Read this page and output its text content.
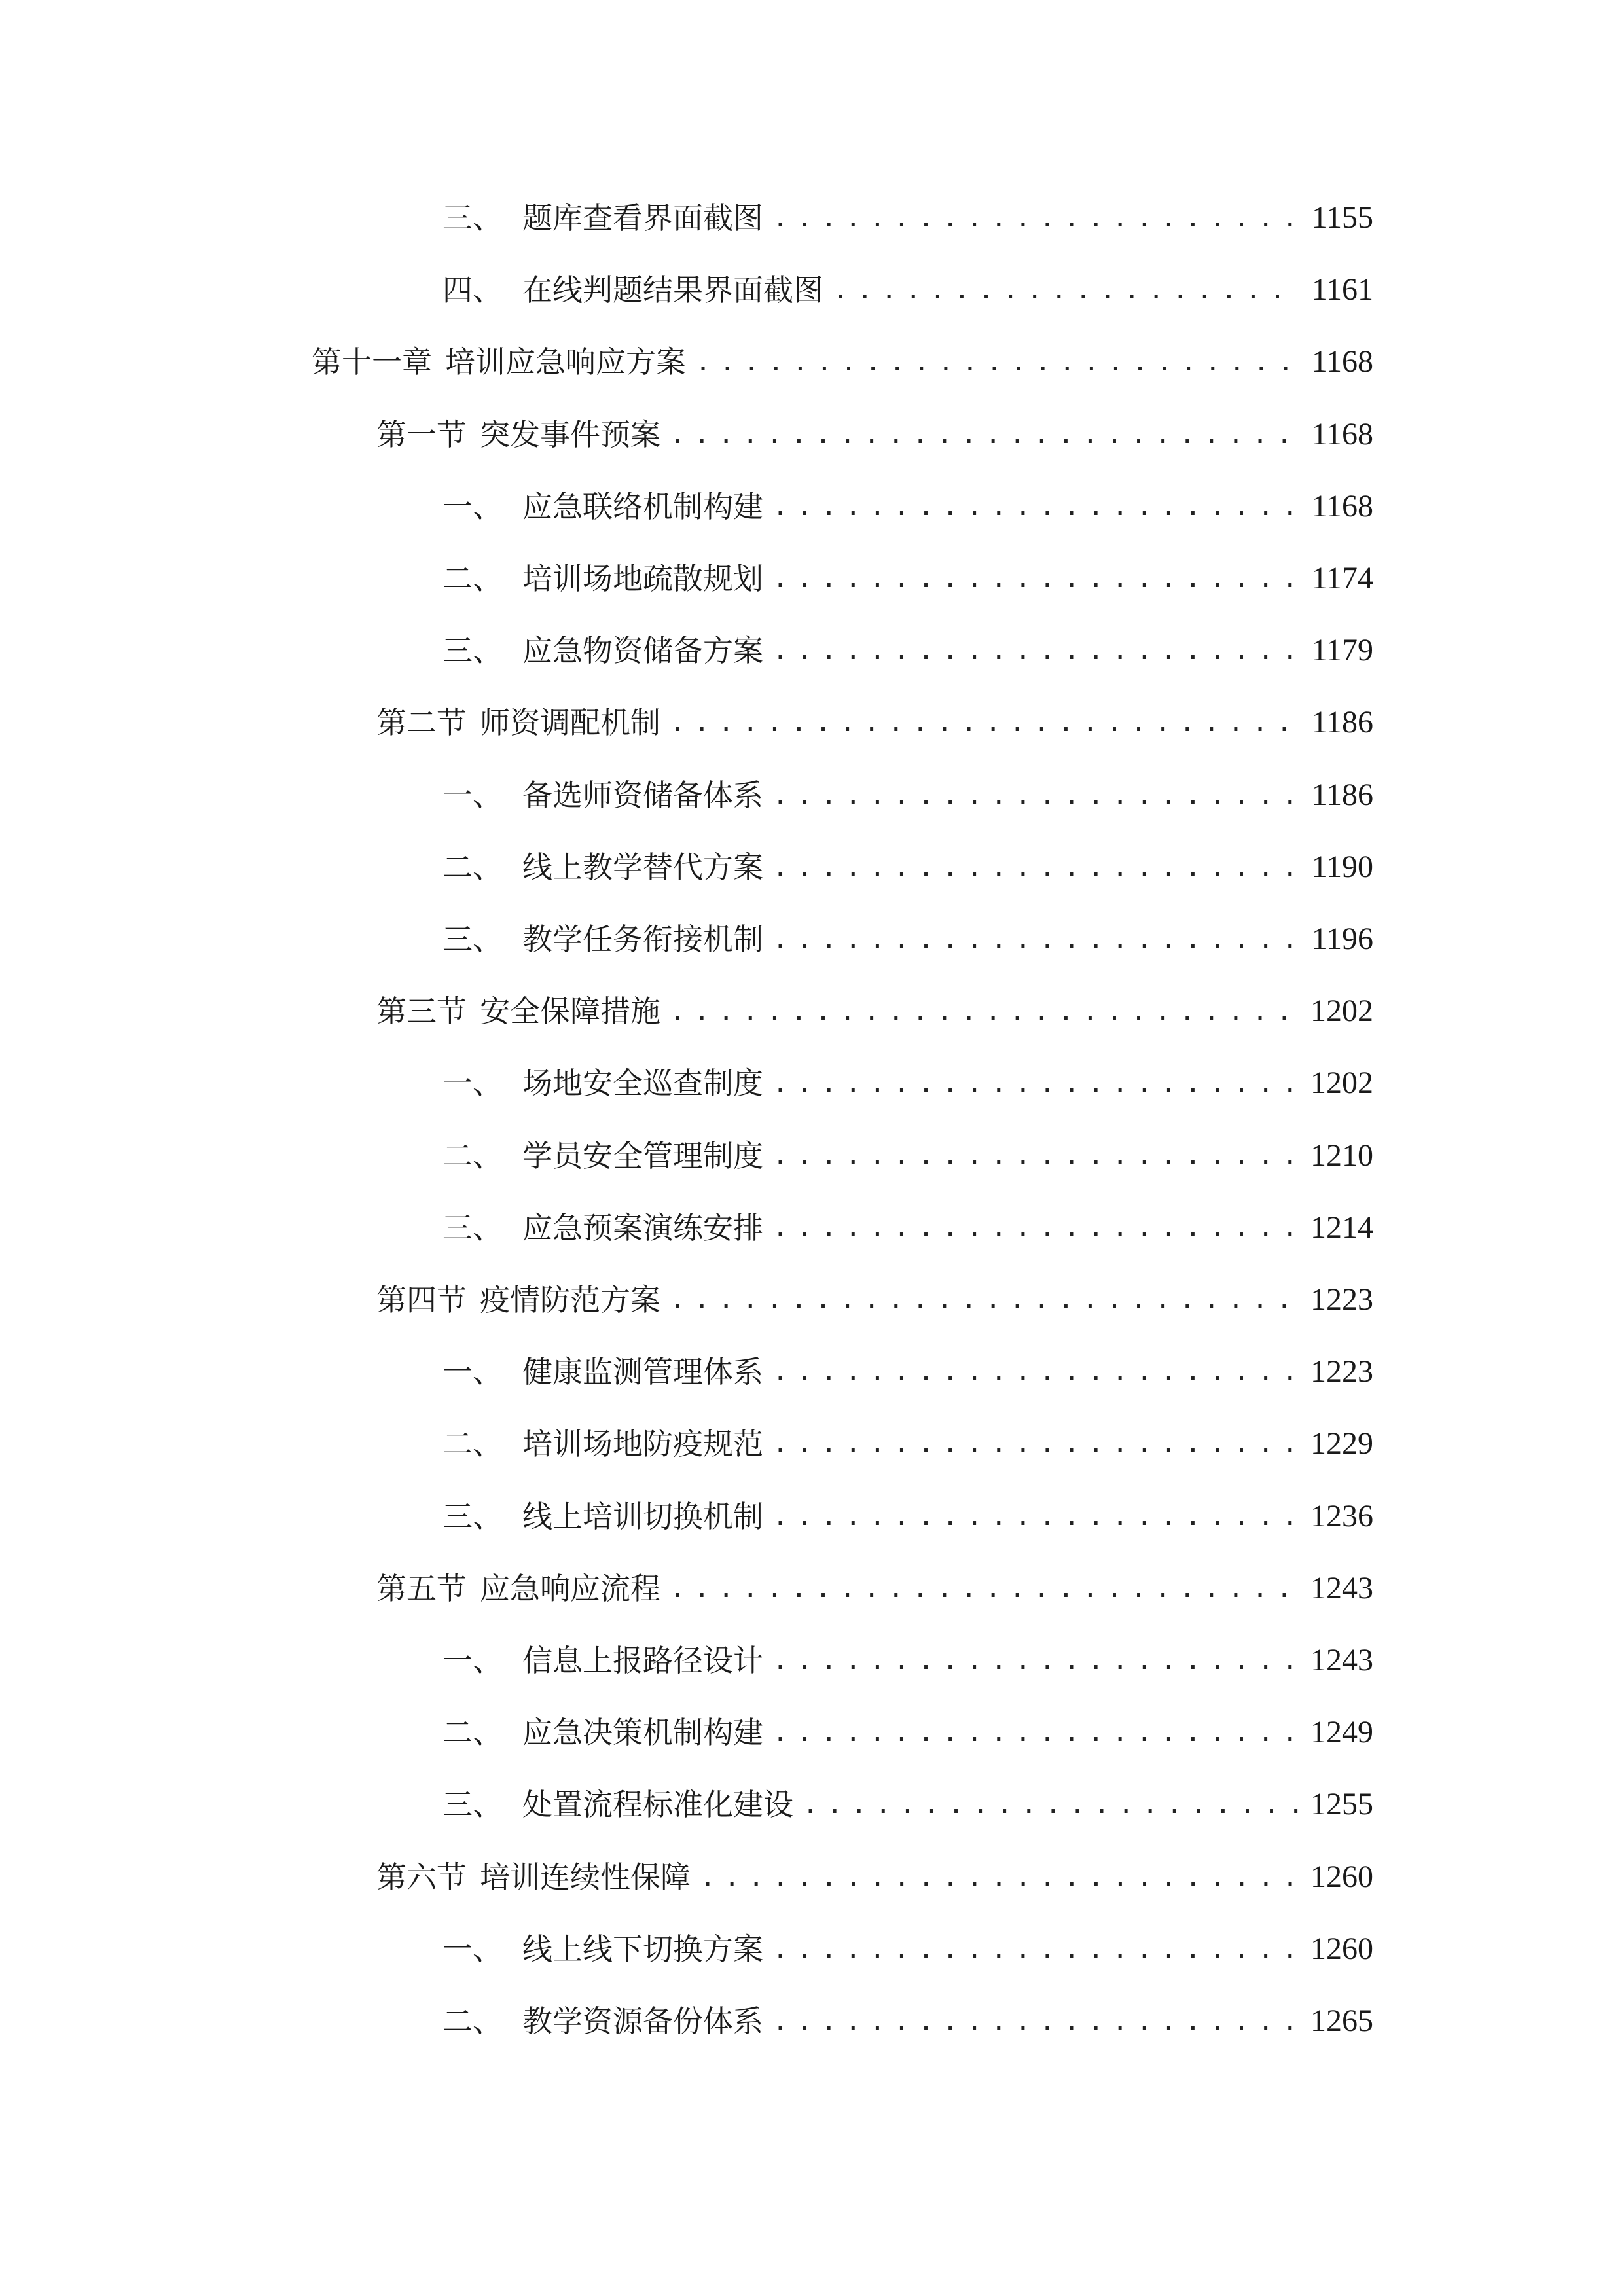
三、 题库查看界面截图 .....	1155
四、 在线判题结果界面截图 .....	1161
第十一章 培训应急响应方案 .....	1168
第一节 突发事件预案 .....	1168
一、 应急联络机制构建 .....	1168
二、 培训场地疏散规划 .....	1174
三、 应急物资储备方案 .....	1179
第二节 师资调配机制 .....	1186
一、 备选师资储备体系 .....	1186
二、 线上教学替代方案 .....	1190
三、 教学任务衔接机制 .....	1196
第三节 安全保障措施 .....	1202
一、 场地安全巡查制度 .....	1202
二、 学员安全管理制度 .....	1210
三、 应急预案演练安排 .....	1214
第四节 疫情防范方案 .....	1223
一、 健康监测管理体系 .....	1223
二、 培训场地防疫规范 .....	1229
三、 线上培训切换机制 .....	1236
第五节 应急响应流程 .....	1243
一、 信息上报路径设计 .....	1243
二、 应急决策机制构建 .....	1249
三、 处置流程标准化建设 .....	1255
第六节 培训连续性保障 .....	1260
一、 线上线下切换方案 .....	1260
二、 教学资源备份体系 .....	1265
